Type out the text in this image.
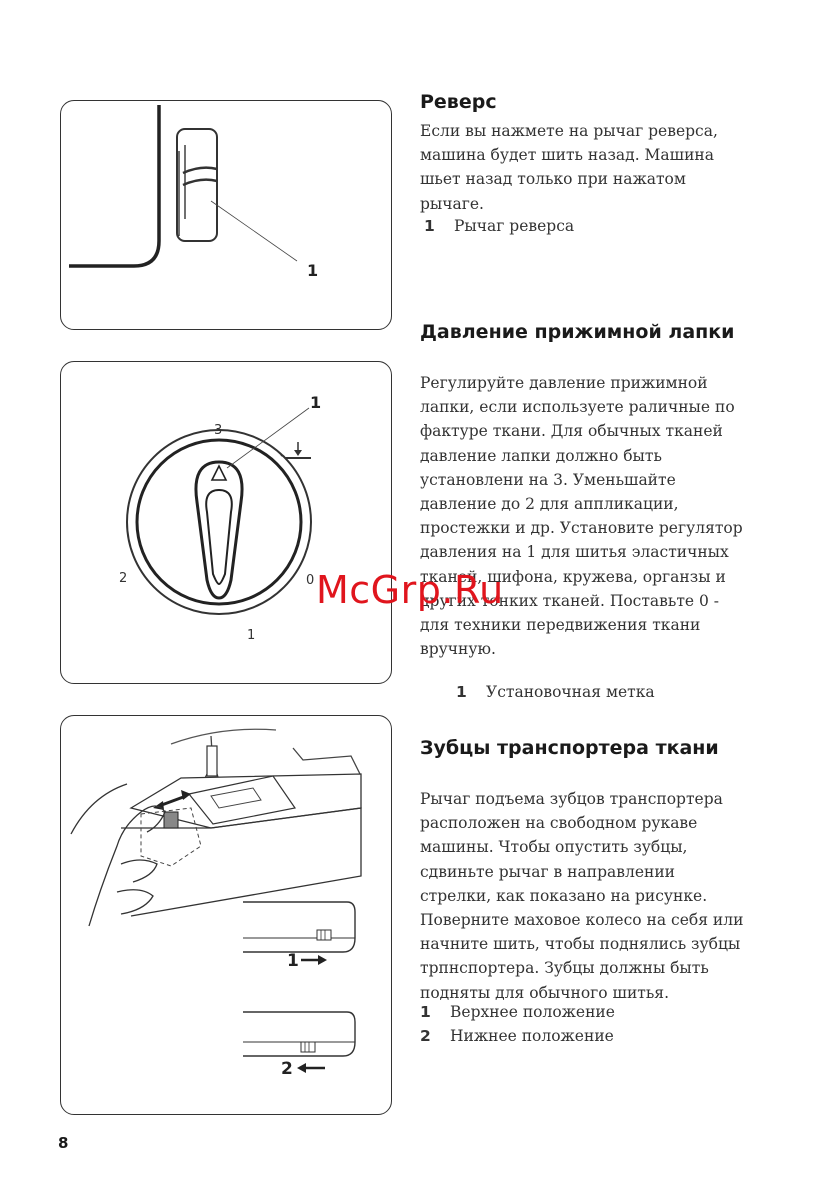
1
1
3
2	0
1
1
2
Реверс

Если вы нажмете на рычаг реверса, машина будет шить назад. Машина шьет назад только при нажатом рычаге.

1 Рычаг реверса
Давление прижимной лапки

Регулируйте давление прижимной лапки, если используете раличные по фактуре ткани. Для обычных тканей давление лапки должно быть установлени на 3. Уменьшайте давление до 2 для аппликации, простежки и др. Установите регулятор давления на 1 для шитья эластичных тканей, шифона, кружева, органзы и других тонких тканей. Поставьте 0 - для техники передвижения ткани вручную.

1 Установочная метка
Зубцы транспортера ткани

Рычаг подъема зубцов транспортера расположен на свободном рукаве машины. Чтобы опустить зубцы, сдвиньте рычаг в направлении стрелки, как показано на рисунке. Поверните маховое колесо на себя или начните шить, чтобы поднялись зубцы трпнспортера. Зубцы должны быть подняты для обычного шитья.

1 Верхнее положение
2 Нижнее положение
8
McGrp.Ru
